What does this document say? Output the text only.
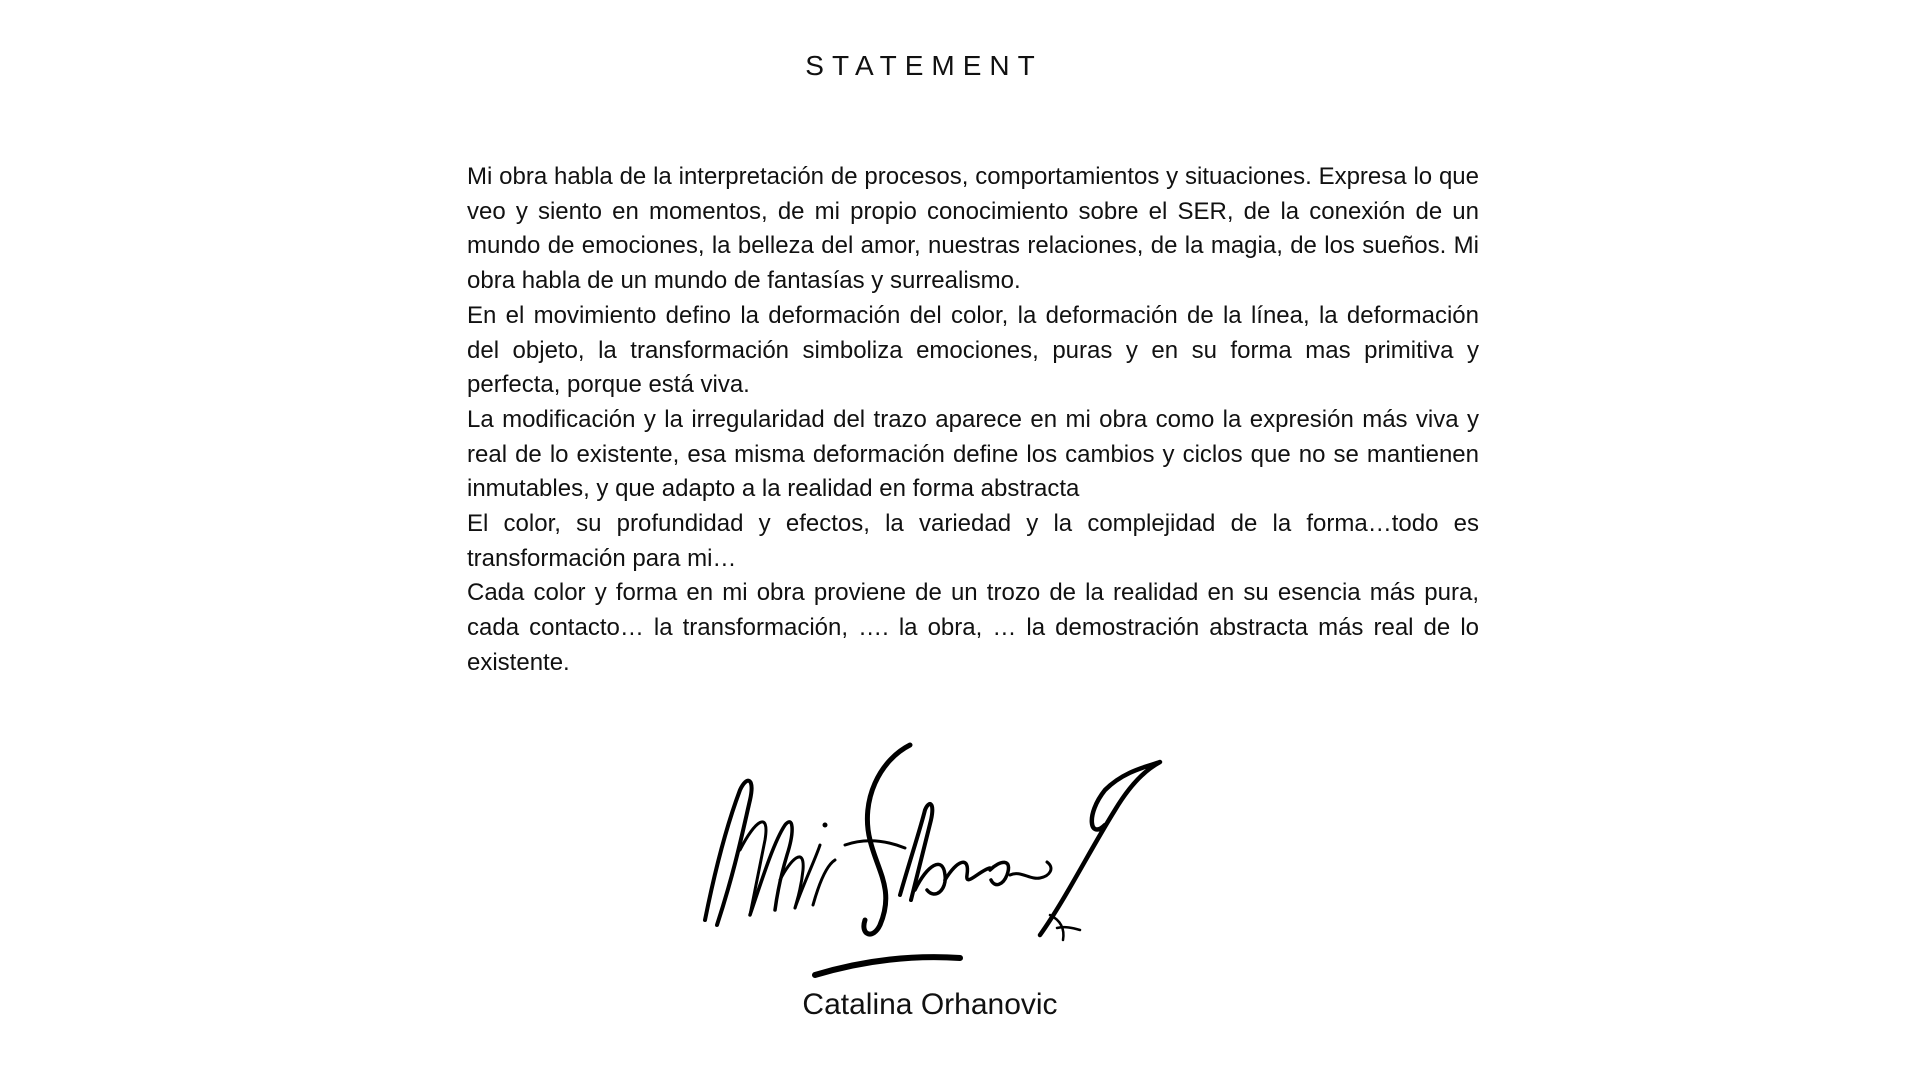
STATEMENT

Mi obra habla de la interpretación de procesos, comportamientos y situaciones. Expresa lo que veo y siento en momentos, de mi propio conocimiento sobre el SER, de la conexión de un mundo de emociones, la belleza del amor, nuestras relaciones, de la magia, de los sueños. Mi obra habla de un mundo de fantasías y surrealismo.

En el movimiento defino la deformación del color, la deformación de la línea, la deformación del objeto, la transformación simboliza emociones, puras y en su forma mas primitiva y perfecta, porque está viva.

La modificación y la irregularidad del trazo aparece en mi obra como la expresión más viva y real de lo existente, esa misma deformación define los cambios y ciclos que no se mantienen inmutables, y que adapto a la realidad en forma abstracta

El color, su profundidad y efectos, la variedad y la complejidad de la forma…todo es transformación para mi…

Cada color y forma en mi obra proviene de un trozo de la realidad en su esencia más pura, cada contacto… la transformación, …. la obra, … la demostración abstracta más real de lo existente.

Catalina Orhanovic
